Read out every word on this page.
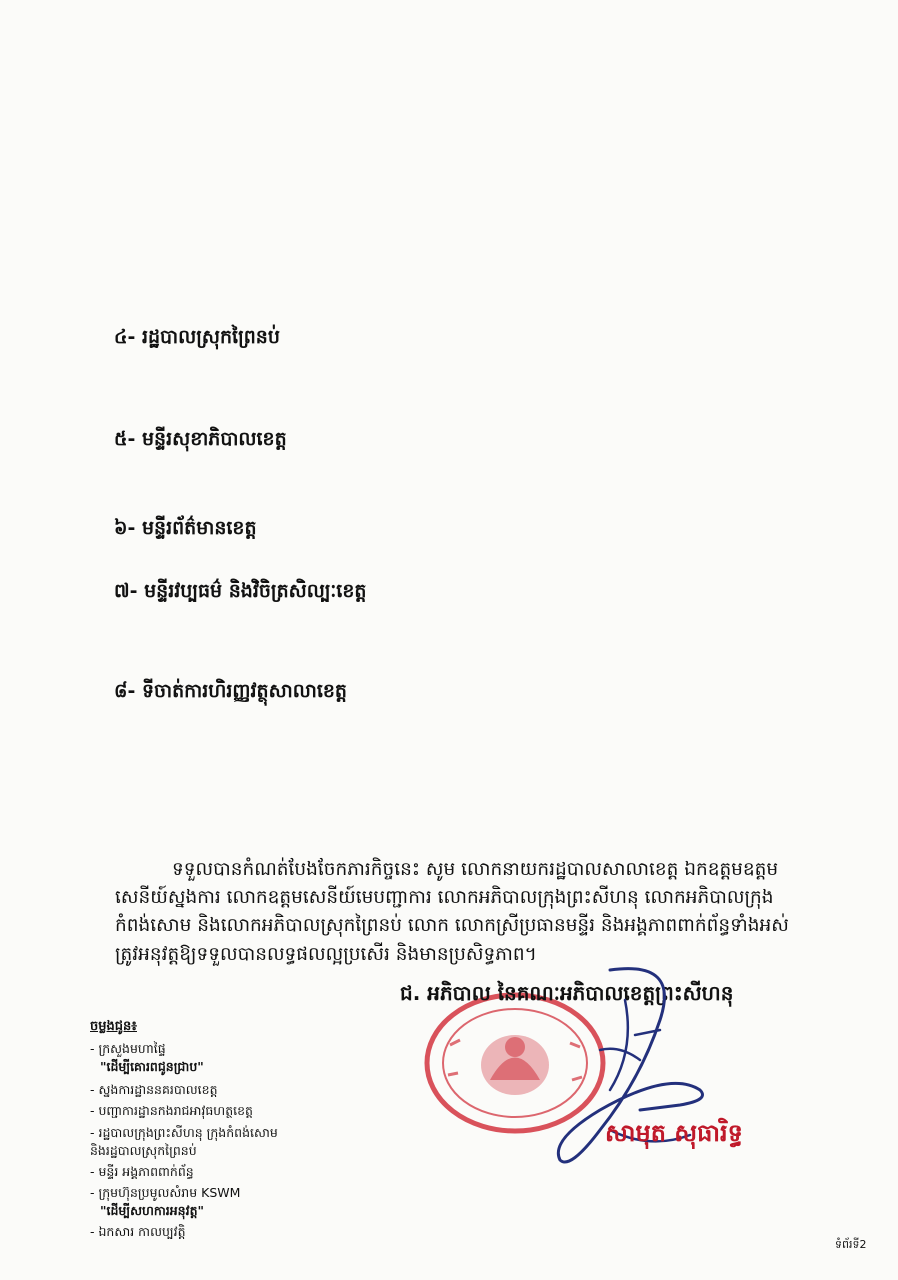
៤- រដ្ឋបាលស្រុកព្រៃនប់
៥- មន្ទីរសុខាភិបាលខេត្ត
៦- មន្ទីរព័ត៌មានខេត្ត
៧- មន្ទីរវប្បធម៌ និងវិចិត្រសិល្បៈខេត្ត
៨- ទីចាត់ការហិរញ្ញវត្ថុសាលាខេត្ត
ទទួលបានកំណត់បែងចែកភារកិច្ចនេះ សូម លោកនាយករដ្ឋបាលសាលាខេត្ត ឯកឧត្តមឧត្តម
សេនីយ៍ស្នងការ លោកឧត្តមសេនីយ៍មេបញ្ជាការ លោកអភិបាលក្រុងព្រះសីហនុ លោកអភិបាលក្រុង
កំពង់សោម និងលោកអភិបាលស្រុកព្រៃនប់ លោក លោកស្រីប្រធានមន្ទីរ និងអង្គភាពពាក់ព័ន្ធទាំងអស់
ត្រូវអនុវត្តឱ្យទទួលបានលទ្ធផលល្អប្រសើរ និងមានប្រសិទ្ធភាព។
ជ. អភិបាល នៃគណៈអភិបាលខេត្តព្រះសីហនុ
សាមុត សុធារិទ្ធ
ចម្លងជូន៖
- ក្រសួងមហាផ្ទៃ
"ដើម្បីគោរពជូនជ្រាប"
- ស្នងការដ្ឋាននគរបាលខេត្ត
- បញ្ជាការដ្ឋានកងរាជអាវុធហត្ថខេត្ត
- រដ្ឋបាលក្រុងព្រះសីហនុ ក្រុងកំពង់សោម
និងរដ្ឋបាលស្រុកព្រៃនប់
- មន្ទីរ អង្គភាពពាក់ព័ន្ធ
- ក្រុមហ៊ុនប្រមូលសំរាម KSWM
"ដើម្បីសហការអនុវត្ត"
- ឯកសារ កាលប្បវត្តិ
ទំព័រទី2
